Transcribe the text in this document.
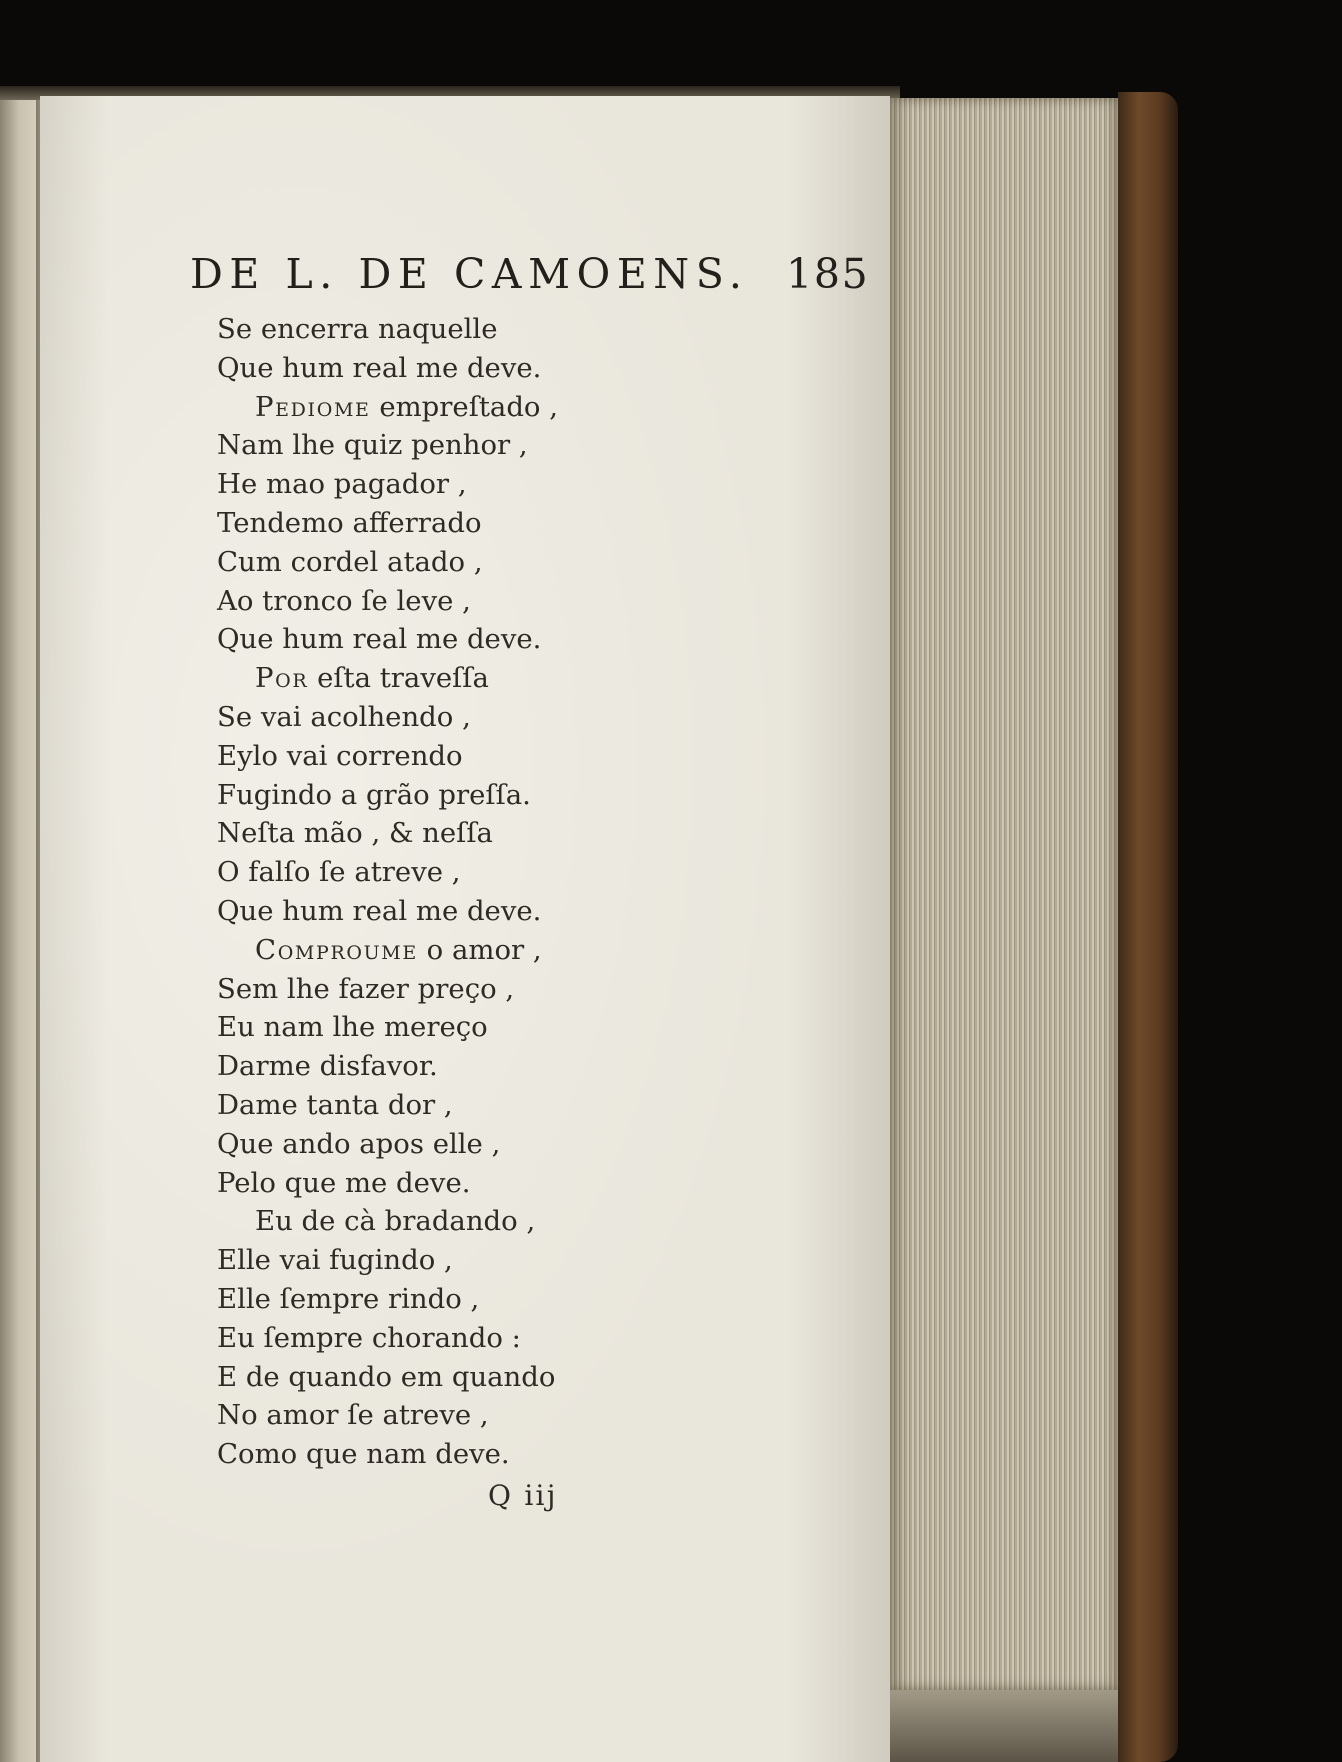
DE L. DE CAMOENS. 185
Se encerra naquelle
Que hum real me deve.
Pediome empreſtado ,
Nam lhe quiz penhor ,
He mao pagador ,
Tendemo afferrado
Cum cordel atado ,
Ao tronco ſe leve ,
Que hum real me deve.
Por eſta traveſſa
Se vai acolhendo ,
Eylo vai correndo
Fugindo a grão preſſa.
Neſta mão , & neſſa
O falſo ſe atreve ,
Que hum real me deve.
Comproume o amor ,
Sem lhe fazer preço ,
Eu nam lhe mereço
Darme disfavor.
Dame tanta dor ,
Que ando apos elle ,
Pelo que me deve.
Eu de cà bradando ,
Elle vai fugindo ,
Elle ſempre rindo ,
Eu ſempre chorando :
E de quando em quando
No amor ſe atreve ,
Como que nam deve.
Q iij
